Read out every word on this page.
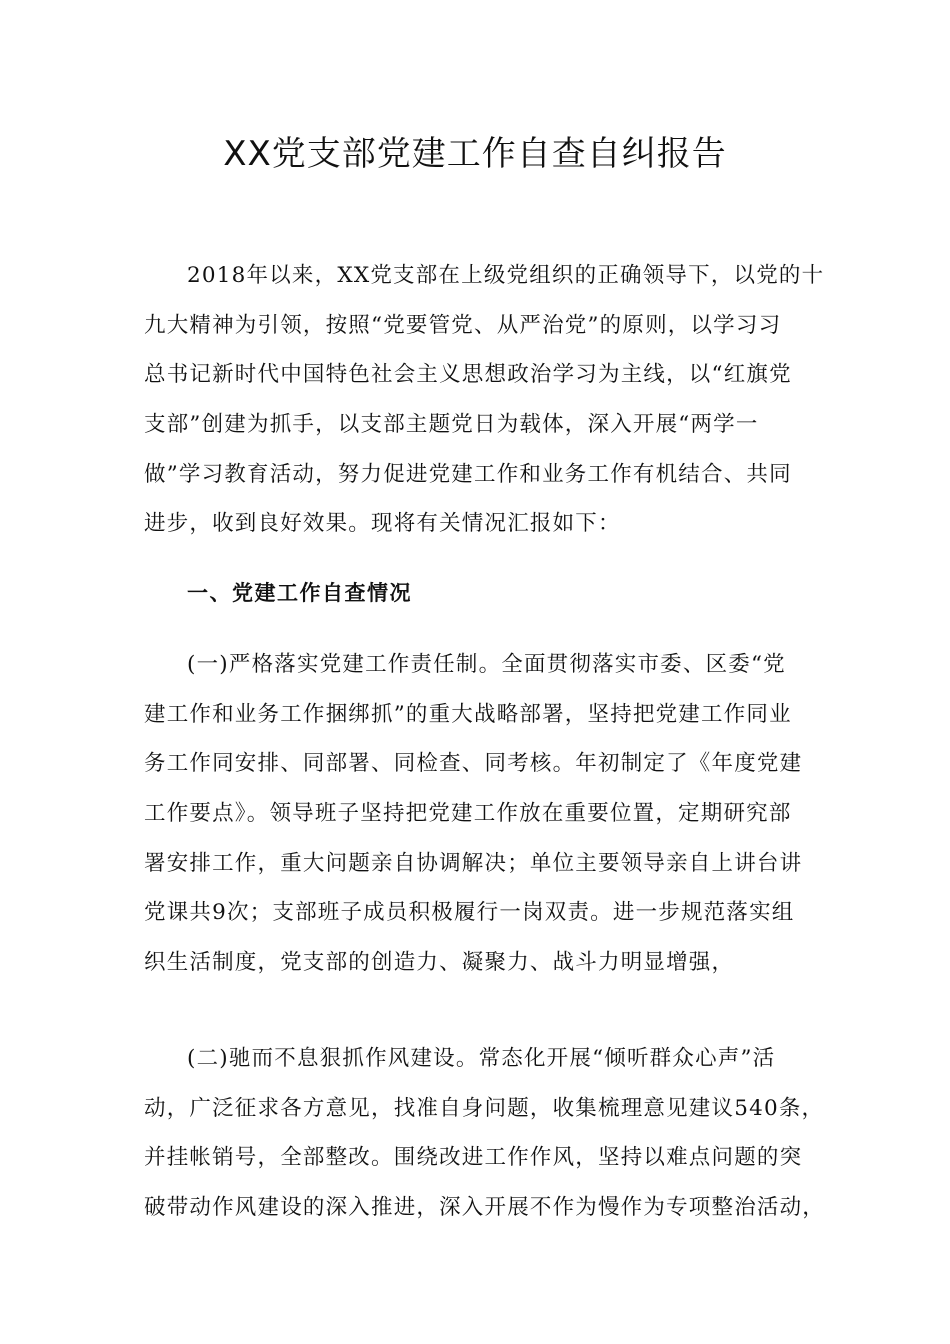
XX党支部党建工作自查自纠报告
2018年以来，XX党支部在上级党组织的正确领导下，以党的十
九大精神为引领，按照“党要管党、从严治党”的原则，以学习习
总书记新时代中国特色社会主义思想政治学习为主线，以“红旗党
支部”创建为抓手，以支部主题党日为载体，深入开展“两学一
做”学习教育活动，努力促进党建工作和业务工作有机结合、共同
进步，收到良好效果。现将有关情况汇报如下：
一、党建工作自查情况
(一)严格落实党建工作责任制。全面贯彻落实市委、区委“党
建工作和业务工作捆绑抓”的重大战略部署，坚持把党建工作同业
务工作同安排、同部署、同检查、同考核。年初制定了《年度党建
工作要点》。领导班子坚持把党建工作放在重要位置，定期研究部
署安排工作，重大问题亲自协调解决；单位主要领导亲自上讲台讲
党课共9次；支部班子成员积极履行一岗双责。进一步规范落实组
织生活制度，党支部的创造力、凝聚力、战斗力明显增强，
(二)驰而不息狠抓作风建设。常态化开展“倾听群众心声”活
动，广泛征求各方意见，找准自身问题，收集梳理意见建议540条，
并挂帐销号，全部整改。围绕改进工作作风，坚持以难点问题的突
破带动作风建设的深入推进，深入开展不作为慢作为专项整治活动，
